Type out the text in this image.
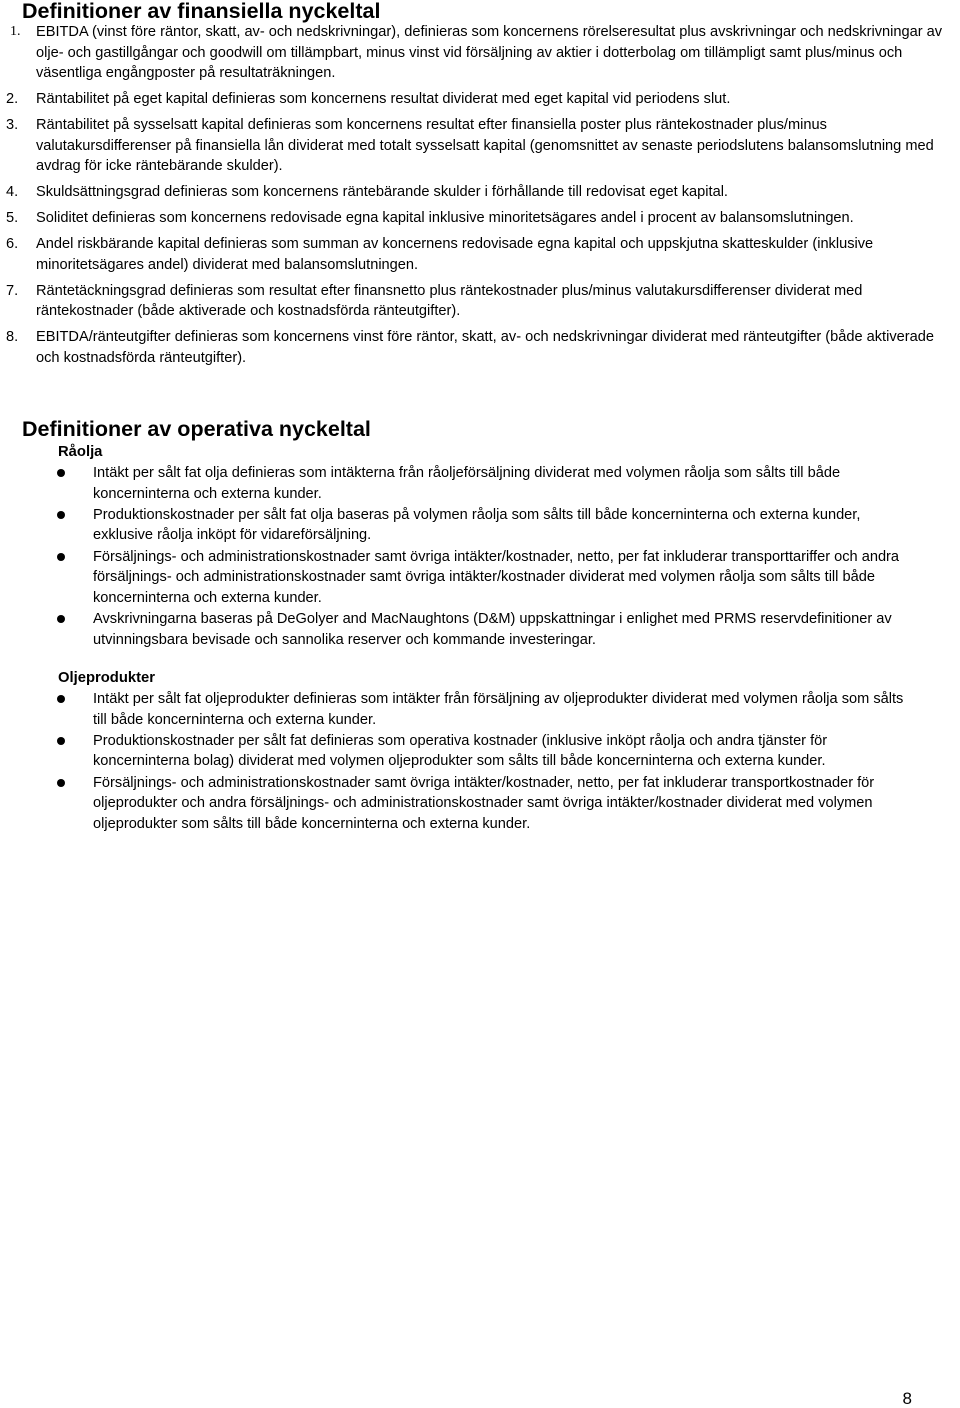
Definitioner av finansiella nyckeltal
1.	EBITDA (vinst före räntor, skatt, av- och nedskrivningar), definieras som koncernens rörelseresultat plus avskrivningar och nedskrivningar av olje- och gastillgångar och goodwill om tillämpbart, minus vinst vid försäljning av aktier i dotterbolag om tillämpligt samt plus/minus och väsentliga engångposter på resultaträkningen.
2.	Räntabilitet på eget kapital definieras som koncernens resultat dividerat med eget kapital vid periodens slut.
3.	Räntabilitet på sysselsatt kapital definieras som koncernens resultat efter finansiella poster plus räntekostnader plus/minus valutakursdifferenser på finansiella lån dividerat med totalt sysselsatt kapital (genomsnittet av senaste periodslutens balansomslutning med avdrag för icke räntebärande skulder).
4.	Skuldsättningsgrad definieras som koncernens räntebärande skulder i förhållande till redovisat eget kapital.
5.	Soliditet definieras som koncernens redovisade egna kapital inklusive minoritetsägares andel i procent av balansomslutningen.
6.	Andel riskbärande kapital definieras som summan av koncernens redovisade egna kapital och uppskjutna skatteskulder (inklusive minoritetsägares andel) dividerat med balansomslutningen.
7.	Räntetäckningsgrad definieras som resultat efter finansnetto plus räntekostnader plus/minus valutakursdifferenser dividerat med räntekostnader (både aktiverade och kostnadsförda ränteutgifter).
8.	EBITDA/ränteutgifter definieras som koncernens vinst före räntor, skatt, av- och nedskrivningar dividerat med ränteutgifter (både aktiverade och kostnadsförda ränteutgifter).
Definitioner av operativa nyckeltal

Råolja

Intäkt per sålt fat olja definieras som intäkterna från råoljeförsäljning dividerat med volymen råolja som sålts till både koncerninterna och externa kunder.
Produktionskostnader per sålt fat olja baseras på volymen råolja som sålts till både koncerninterna och externa kunder, exklusive råolja inköpt för vidareförsäljning.
Försäljnings- och administrationskostnader samt övriga intäkter/kostnader, netto, per fat inkluderar transporttariffer och andra försäljnings- och administrationskostnader samt övriga intäkter/kostnader dividerat med volymen råolja som sålts till både koncerninterna och externa kunder.
Avskrivningarna baseras på DeGolyer and MacNaughtons (D&M) uppskattningar i enlighet med PRMS reservdefinitioner av utvinningsbara bevisade och sannolika reserver och kommande investeringar.

Oljeprodukter

Intäkt per sålt fat oljeprodukter definieras som intäkter från försäljning av oljeprodukter dividerat med volymen råolja som sålts till både koncerninterna och externa kunder.
Produktionskostnader per sålt fat definieras som operativa kostnader (inklusive inköpt råolja och andra tjänster för koncerninterna bolag) dividerat med volymen oljeprodukter som sålts till både koncerninterna och externa kunder.
Försäljnings- och administrationskostnader samt övriga intäkter/kostnader, netto, per fat inkluderar transportkostnader för oljeprodukter och andra försäljnings- och administrationskostnader samt övriga intäkter/kostnader dividerat med volymen oljeprodukter som sålts till både koncerninterna och externa kunder.
8
